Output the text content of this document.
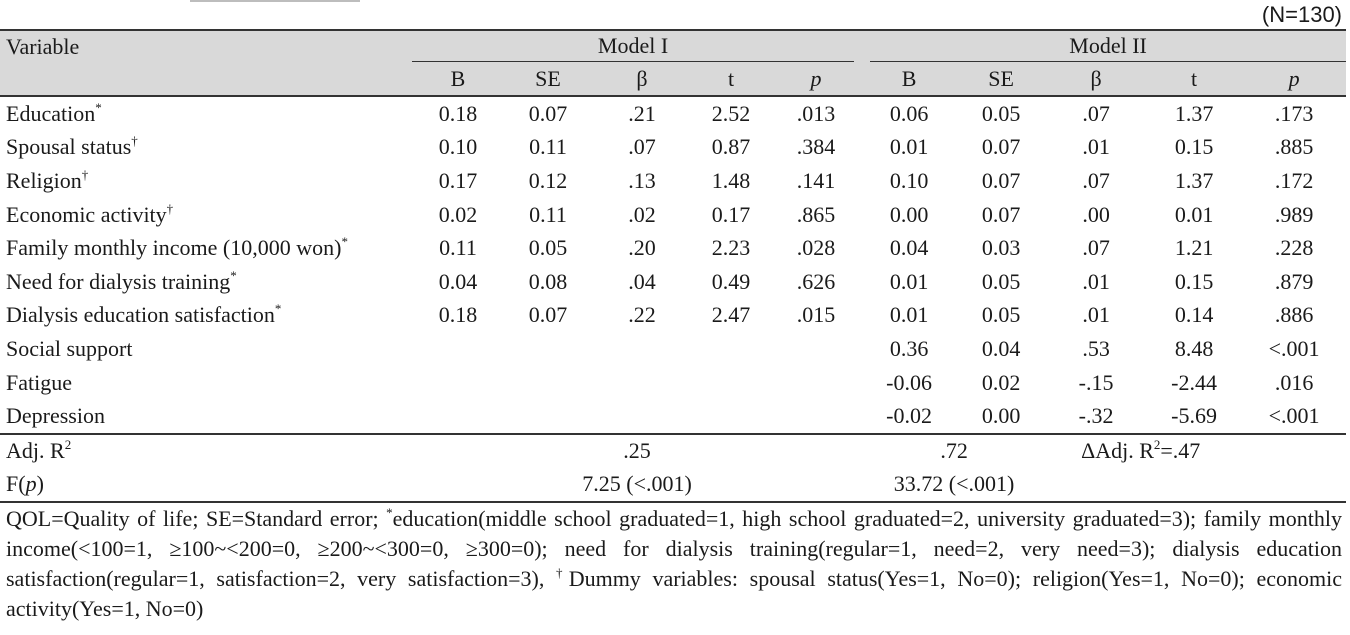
(N=130)
Variable	Model I					Model II				

	B	SE	β	t	p	B	SE	β	t	p
Education*	0.18	0.07	.21	2.52	.013	0.06	0.05	.07	1.37	.173
Spousal status†	0.10	0.11	.07	0.87	.384	0.01	0.07	.01	0.15	.885
Religion†	0.17	0.12	.13	1.48	.141	0.10	0.07	.07	1.37	.172
Economic activity†	0.02	0.11	.02	0.17	.865	0.00	0.07	.00	0.01	.989
Family monthly income (10,000 won)*	0.11	0.05	.20	2.23	.028	0.04	0.03	.07	1.21	.228
Need for dialysis training*	0.04	0.08	.04	0.49	.626	0.01	0.05	.01	0.15	.879
Dialysis education satisfaction*	0.18	0.07	.22	2.47	.015	0.01	0.05	.01	0.14	.886
Social support						0.36	0.04	.53	8.48	<.001
Fatigue						-0.06	0.02	-.15	-2.44	.016
Depression						-0.02	0.00	-.32	-5.69	<.001
Adj. $R^2$	.25					.72		ΔAdj. $R^2=.47$		
F(p)	7.25 (<.001)					33.72 (<.001)				

QOL=Quality of life; SE=Standard error; *education(middle school graduated=1, high school graduated=2, university graduated=3); family monthly income(<100=1, ≥100~<200=0, ≥200~<300=0, ≥300=0); need for dialysis training(regular=1, need=2, very need=3); dialysis education satisfaction(regular=1, satisfaction=2, very satisfaction=3), †Dummy variables: spousal status(Yes=1, No=0); religion(Yes=1, No=0); economic activity(Yes=1, No=0)
